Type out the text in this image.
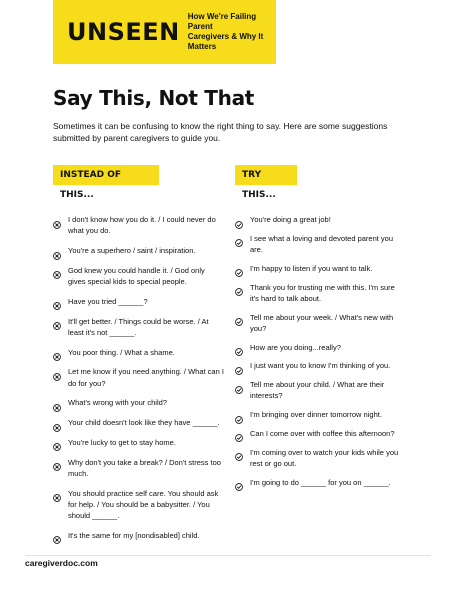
UNSEEN
How We're Failing Parent
Caregivers & Why It Matters
Say This, Not That

Sometimes it can be confusing to know the right thing to say. Here are some suggestions submitted by parent caregivers to guide you.

INSTEAD OF THIS...
I don't know how you do it. / I could never do what you do.
You're a superhero / saint / inspiration.
God knew you could handle it. / God only gives special kids to special people.
Have you tried ______?
It'll get better. / Things could be worse. / At least it's not ______.
You poor thing. / What a shame.
Let me know if you need anything. / What can I do for you?
What's wrong with your child?
Your child doesn't look like they have ______.
You're lucky to get to stay home.
Why don't you take a break? / Don't stress too much.
You should practice self care. You should ask for help. / You should be a babysitter. / You should ______.
It's the same for my [nondisabled] child.
TRY THIS...
You're doing a great job!
I see what a loving and devoted parent you are.
I'm happy to listen if you want to talk.
Thank you for trusting me with this. I'm sure it's hard to talk about.
Tell me about your week. / What's new with you?
How are you doing...really?
I just want you to know I'm thinking of you.
Tell me about your child. / What are their interests?
I'm bringing over dinner tomorrow night.
Can I come over with coffee this afternoon?
I'm coming over to watch your kids while you rest or go out.
I'm going to do ______ for you on ______.
caregiverdoc.com
